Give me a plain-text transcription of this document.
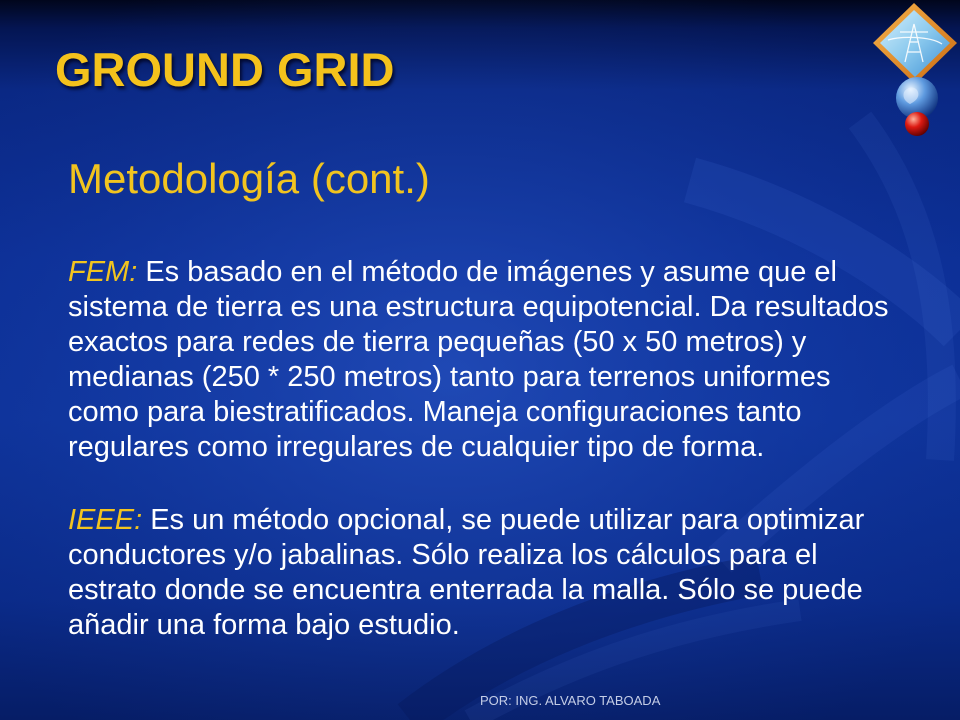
GROUND GRID
Metodología (cont.)
FEM: Es basado en el método de imágenes y asume que el
sistema de tierra es una estructura equipotencial. Da resultados
exactos para redes de tierra pequeñas (50 x 50 metros) y
medianas (250 * 250 metros) tanto para terrenos uniformes
como para biestratificados. Maneja configuraciones tanto
regulares como irregulares de cualquier tipo de forma.
IEEE: Es un método opcional, se puede utilizar para optimizar
conductores y/o jabalinas. Sólo realiza los cálculos para el
estrato donde se encuentra enterrada la malla. Sólo se puede
añadir una forma bajo estudio.
POR: ING. ALVARO TABOADA
